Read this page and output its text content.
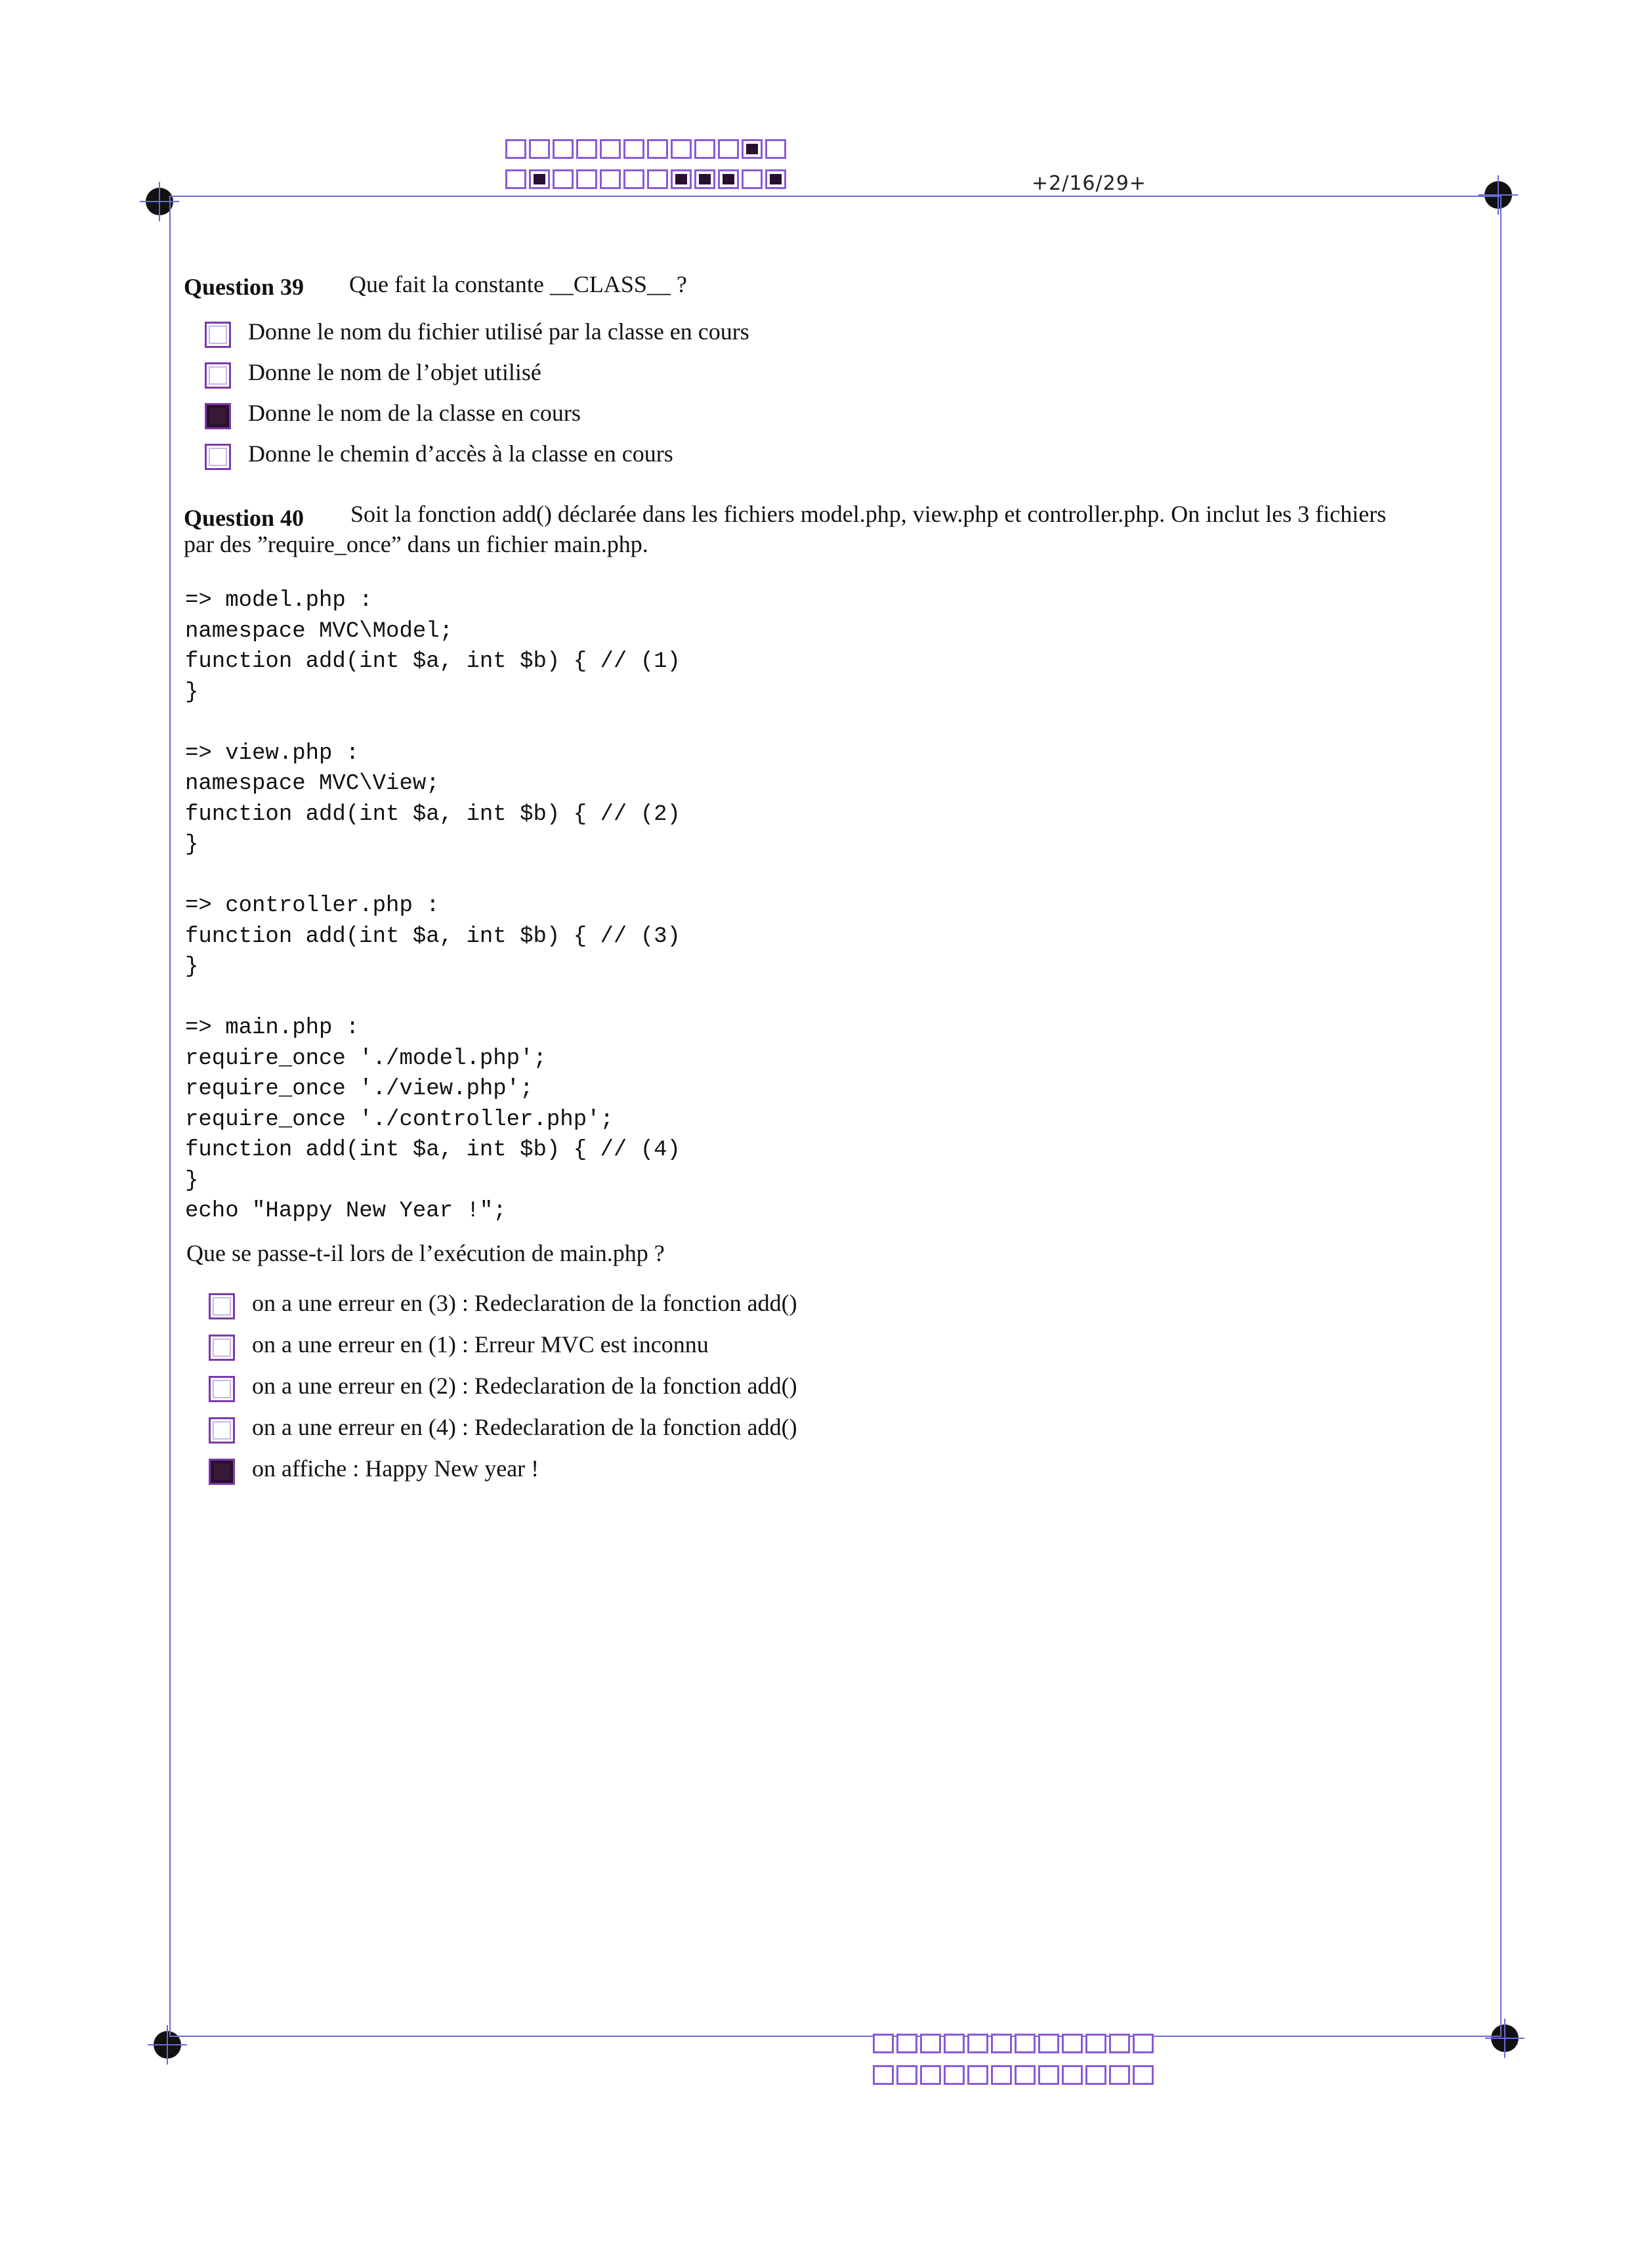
+2/16/29+
Question 39 Que fait la constante __CLASS__ ?
Donne le nom du fichier utilisé par la classe en cours
Donne le nom de l’objet utilisé
Donne le nom de la classe en cours
Donne le chemin d’accès à la classe en cours
Question 40 Soit la fonction add() déclarée dans les fichiers model.php, view.php et controller.php. On inclut les 3 fichiers
par des ”require_once” dans un fichier main.php.
=> model.php :
namespace MVC\Model;
function add(int $a, int $b) { // (1)
}
=> view.php :
namespace MVC\View;
function add(int $a, int $b) { // (2)
}
=> controller.php :
function add(int $a, int $b) { // (3)
}
=> main.php :
require_once './model.php';
require_once './view.php';
require_once './controller.php';
function add(int $a, int $b) { // (4)
}
echo "Happy New Year !";
Que se passe-t-il lors de l’exécution de main.php ?
on a une erreur en (3) : Redeclaration de la fonction add()
on a une erreur en (1) : Erreur MVC est inconnu
on a une erreur en (2) : Redeclaration de la fonction add()
on a une erreur en (4) : Redeclaration de la fonction add()
on affiche : Happy New year !
